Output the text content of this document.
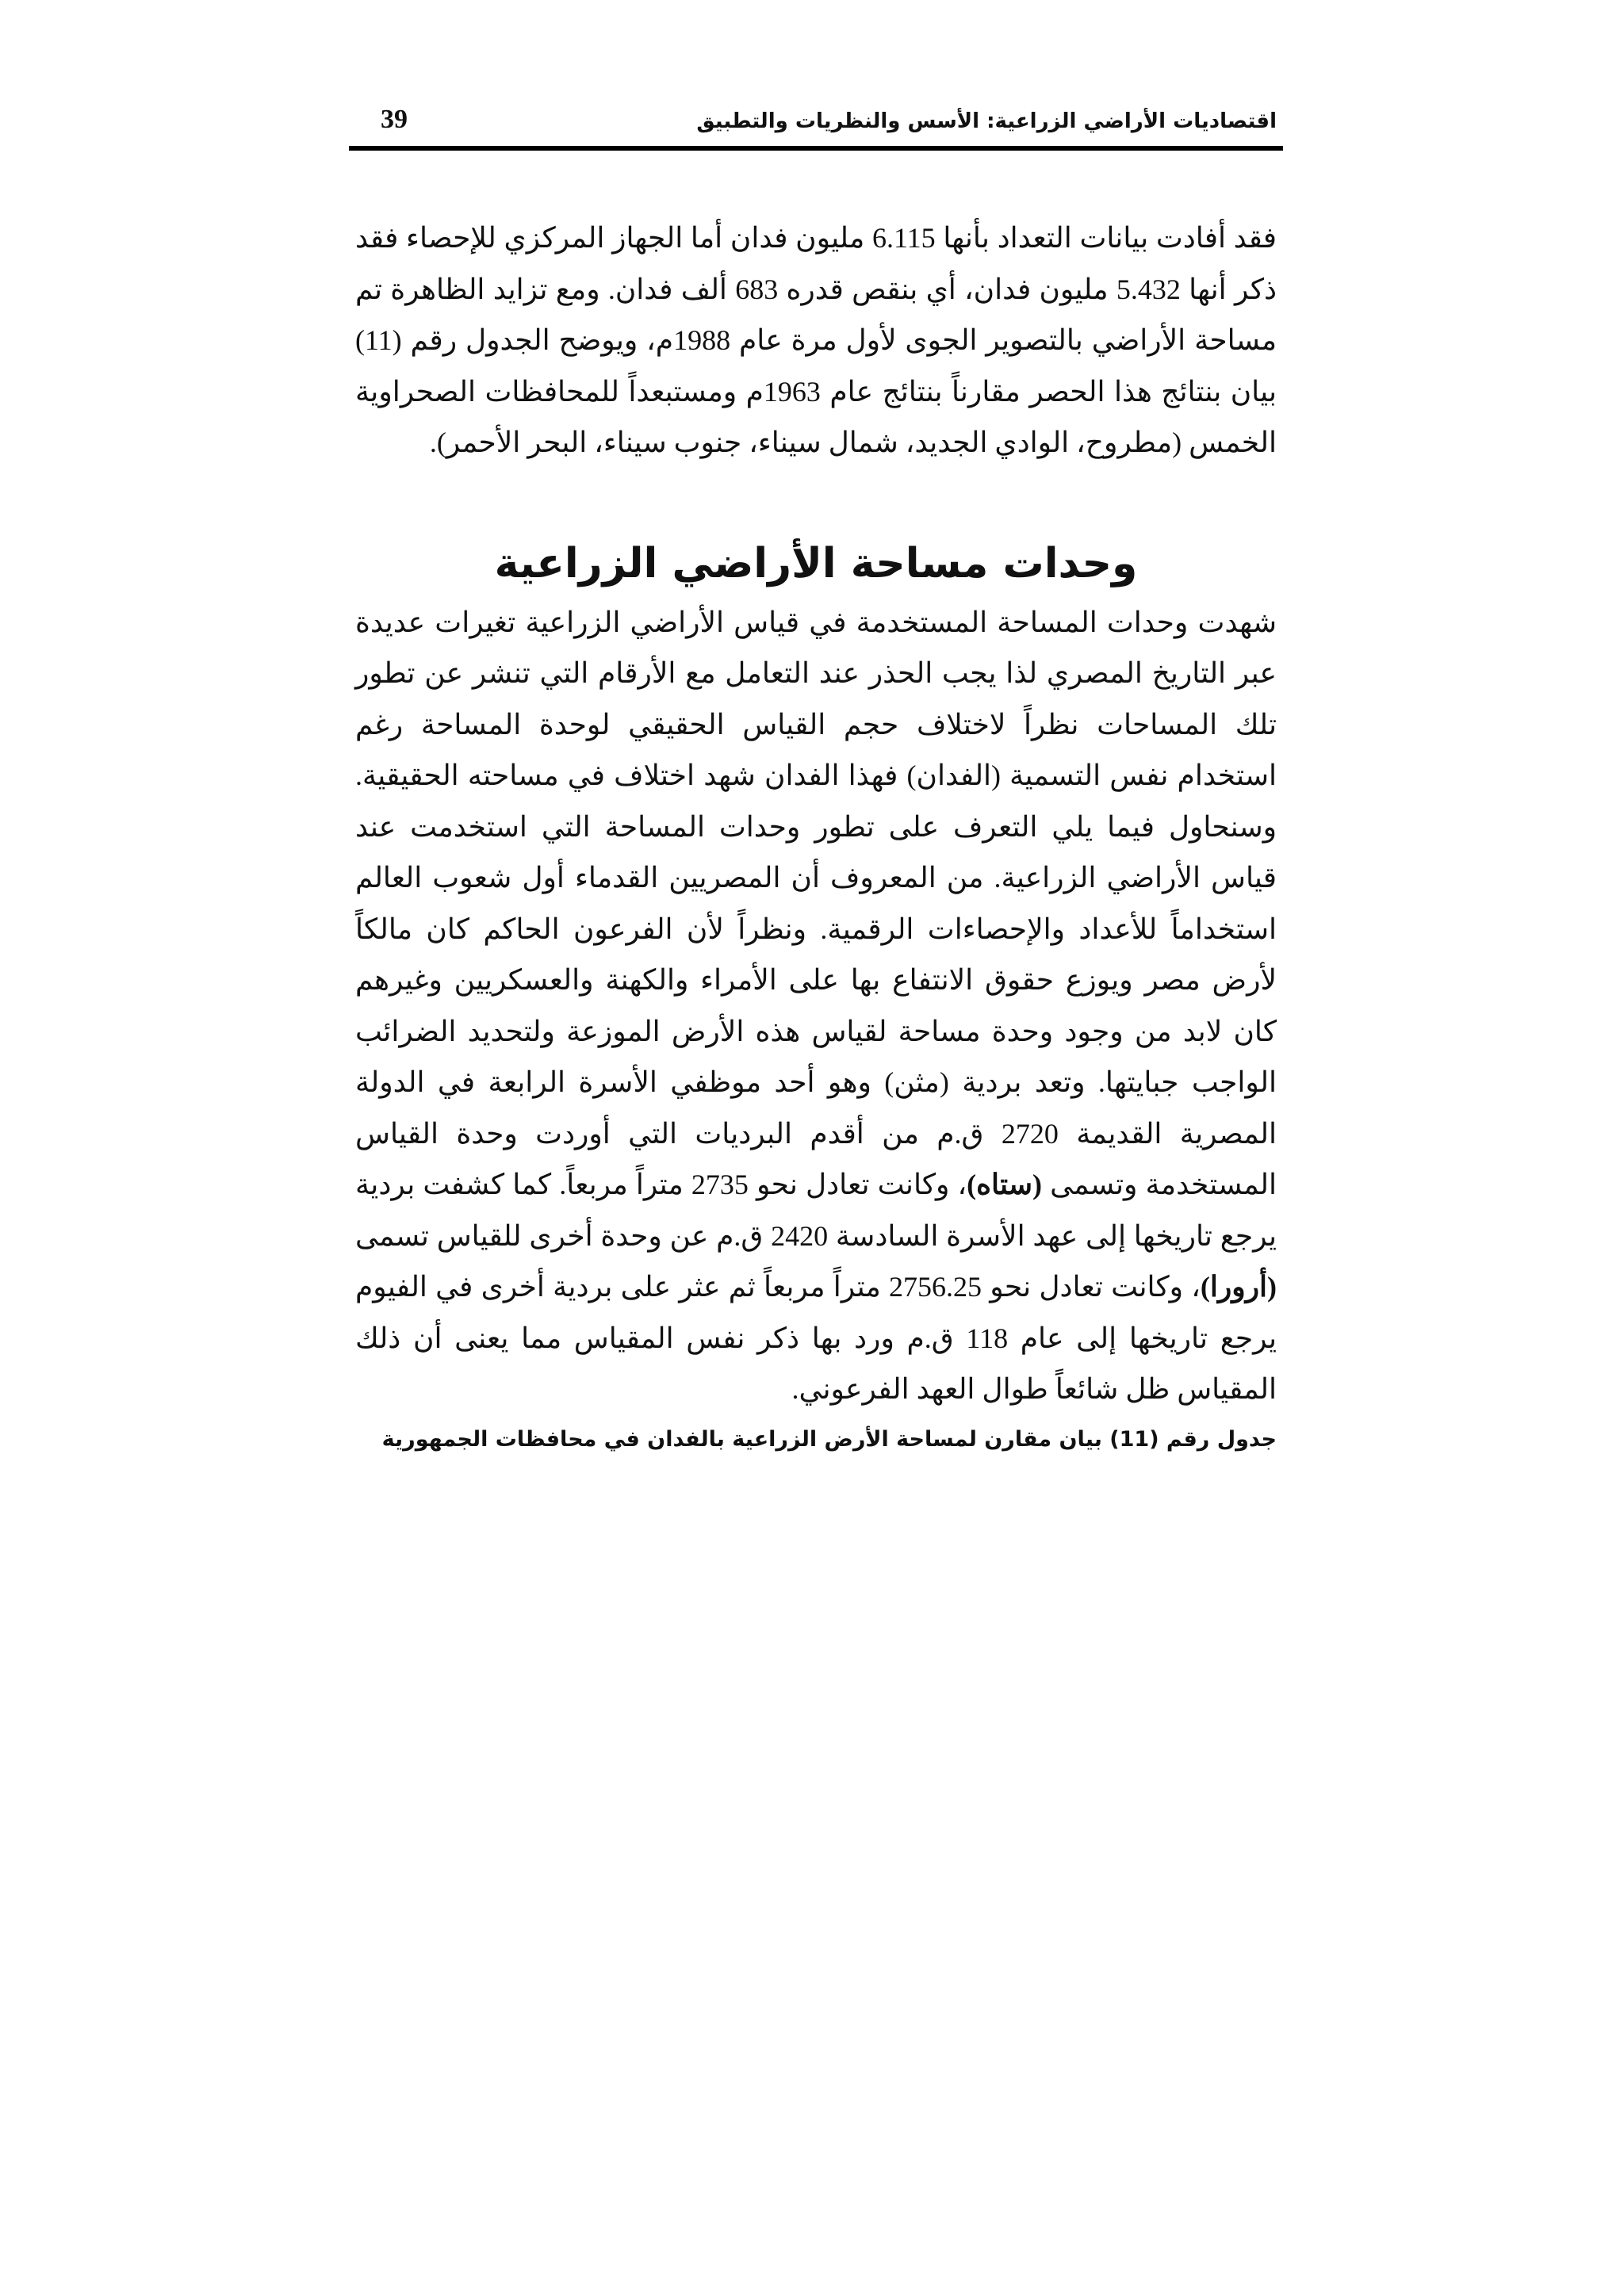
اقتصاديات الأراضي الزراعية: الأسس والنظريات والتطبيق
39

فقد أفادت بيانات التعداد بأنها 6.115 مليون فدان أما الجهاز المركزي للإحصاء فقد ذكر أنها 5.432 مليون فدان، أي بنقص قدره 683 ألف فدان. ومع تزايد الظاهرة تم مساحة الأراضي بالتصوير الجوى لأول مرة عام 1988م، ويوضح الجدول رقم (11) بيان بنتائج هذا الحصر مقارناً بنتائج عام 1963م ومستبعداً للمحافظات الصحراوية الخمس (مطروح، الوادي الجديد، شمال سيناء، جنوب سيناء، البحر الأحمر).

وحدات مساحة الأراضي الزراعية

شهدت وحدات المساحة المستخدمة في قياس الأراضي الزراعية تغيرات عديدة عبر التاريخ المصري لذا يجب الحذر عند التعامل مع الأرقام التي تنشر عن تطور تلك المساحات نظراً لاختلاف حجم القياس الحقيقي لوحدة المساحة رغم استخدام نفس التسمية (الفدان) فهذا الفدان شهد اختلاف في مساحته الحقيقية. وسنحاول فيما يلي التعرف على تطور وحدات المساحة التي استخدمت عند قياس الأراضي الزراعية. من المعروف أن المصريين القدماء أول شعوب العالم استخداماً للأعداد والإحصاءات الرقمية. ونظراً لأن الفرعون الحاكم كان مالكاً لأرض مصر ويوزع حقوق الانتفاع بها على الأمراء والكهنة والعسكريين وغيرهم كان لابد من وجود وحدة مساحة لقياس هذه الأرض الموزعة ولتحديد الضرائب الواجب جبايتها. وتعد بردية (مثن) وهو أحد موظفي الأسرة الرابعة في الدولة المصرية القديمة 2720 ق.م من أقدم البرديات التي أوردت وحدة القياس المستخدمة وتسمى (ستاه)، وكانت تعادل نحو 2735 متراً مربعاً. كما كشفت بردية يرجع تاريخها إلى عهد الأسرة السادسة 2420 ق.م عن وحدة أخرى للقياس تسمى (أرورا)، وكانت تعادل نحو 2756.25 متراً مربعاً ثم عثر على بردية أخرى في الفيوم يرجع تاريخها إلى عام 118 ق.م ورد بها ذكر نفس المقياس مما يعنى أن ذلك المقياس ظل شائعاً طوال العهد الفرعوني.

جدول رقم (11) بيان مقارن لمساحة الأرض الزراعية بالفدان في محافظات الجمهورية
